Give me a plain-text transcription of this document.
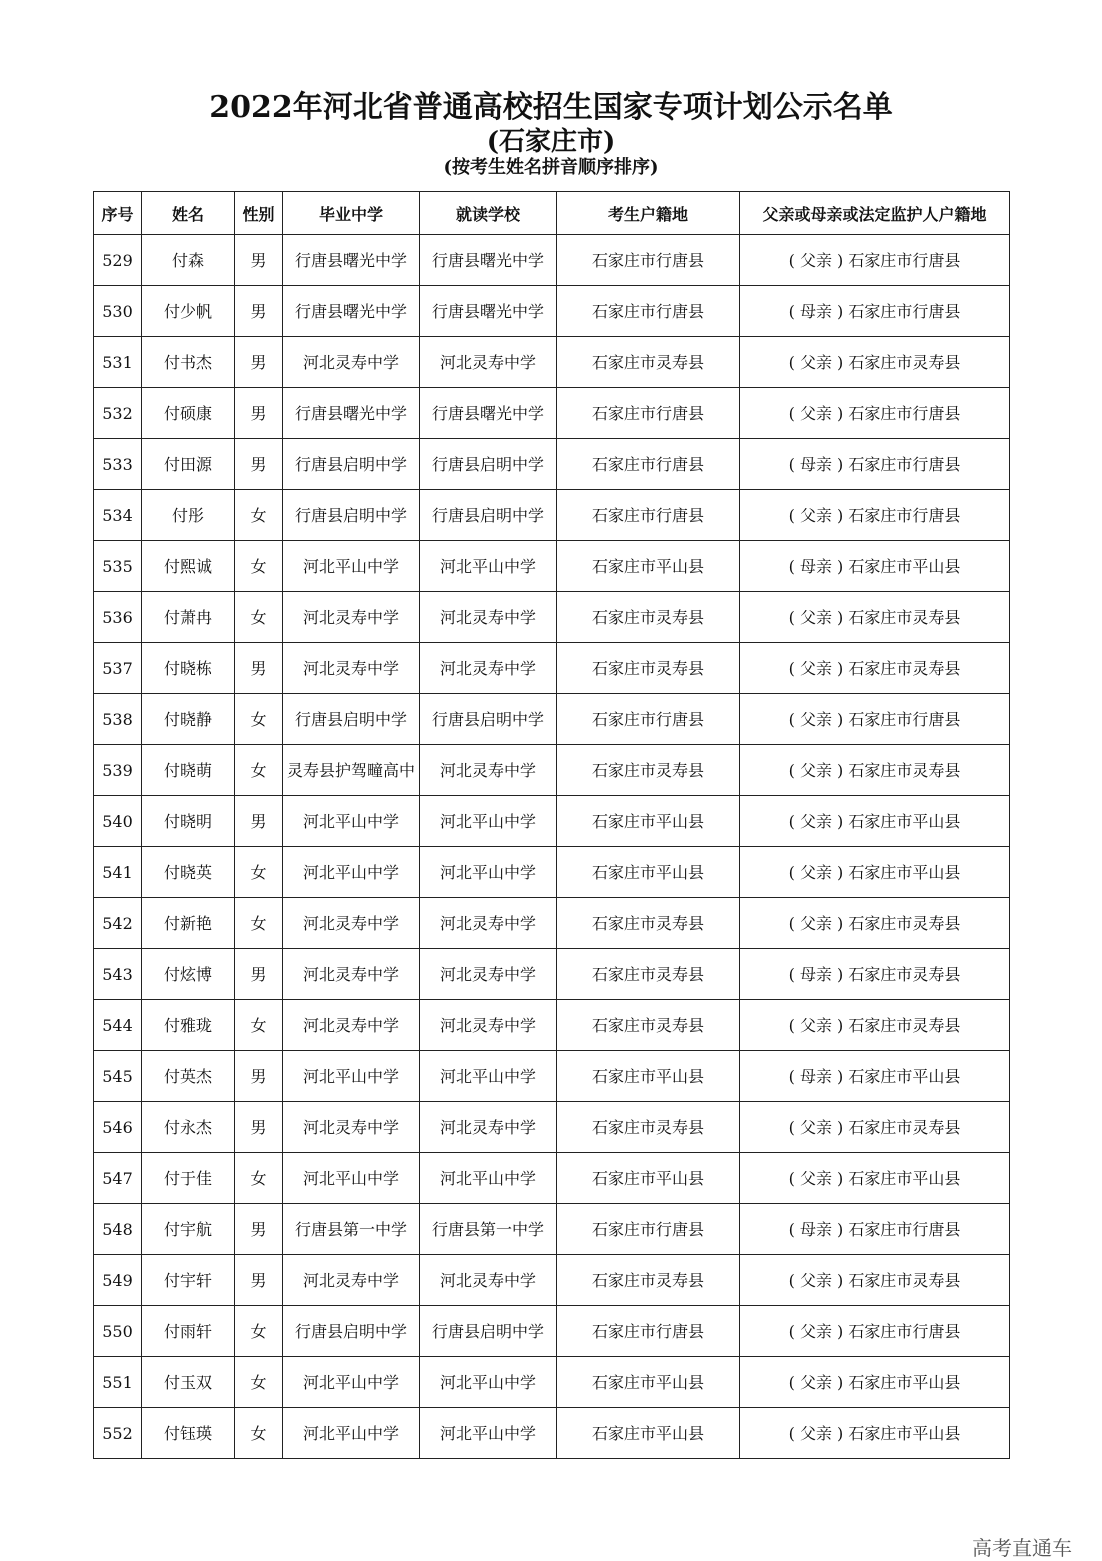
2022年河北省普通高校招生国家专项计划公示名单
(石家庄市)
(按考生姓名拼音顺序排序)
序号	姓名	性别	毕业中学	就读学校	考生户籍地	父亲或母亲或法定监护人户籍地
529	付森	男	行唐县曙光中学	行唐县曙光中学	石家庄市行唐县	( 父亲 ) 石家庄市行唐县
530	付少帆	男	行唐县曙光中学	行唐县曙光中学	石家庄市行唐县	( 母亲 ) 石家庄市行唐县
531	付书杰	男	河北灵寿中学	河北灵寿中学	石家庄市灵寿县	( 父亲 ) 石家庄市灵寿县
532	付硕康	男	行唐县曙光中学	行唐县曙光中学	石家庄市行唐县	( 父亲 ) 石家庄市行唐县
533	付田源	男	行唐县启明中学	行唐县启明中学	石家庄市行唐县	( 母亲 ) 石家庄市行唐县
534	付彤	女	行唐县启明中学	行唐县启明中学	石家庄市行唐县	( 父亲 ) 石家庄市行唐县
535	付熙诚	女	河北平山中学	河北平山中学	石家庄市平山县	( 母亲 ) 石家庄市平山县
536	付萧冉	女	河北灵寿中学	河北灵寿中学	石家庄市灵寿县	( 父亲 ) 石家庄市灵寿县
537	付晓栋	男	河北灵寿中学	河北灵寿中学	石家庄市灵寿县	( 父亲 ) 石家庄市灵寿县
538	付晓静	女	行唐县启明中学	行唐县启明中学	石家庄市行唐县	( 父亲 ) 石家庄市行唐县
539	付晓萌	女	灵寿县护驾疃高中	河北灵寿中学	石家庄市灵寿县	( 父亲 ) 石家庄市灵寿县
540	付晓明	男	河北平山中学	河北平山中学	石家庄市平山县	( 父亲 ) 石家庄市平山县
541	付晓英	女	河北平山中学	河北平山中学	石家庄市平山县	( 父亲 ) 石家庄市平山县
542	付新艳	女	河北灵寿中学	河北灵寿中学	石家庄市灵寿县	( 父亲 ) 石家庄市灵寿县
543	付炫博	男	河北灵寿中学	河北灵寿中学	石家庄市灵寿县	( 母亲 ) 石家庄市灵寿县
544	付雅珑	女	河北灵寿中学	河北灵寿中学	石家庄市灵寿县	( 父亲 ) 石家庄市灵寿县
545	付英杰	男	河北平山中学	河北平山中学	石家庄市平山县	( 母亲 ) 石家庄市平山县
546	付永杰	男	河北灵寿中学	河北灵寿中学	石家庄市灵寿县	( 父亲 ) 石家庄市灵寿县
547	付于佳	女	河北平山中学	河北平山中学	石家庄市平山县	( 父亲 ) 石家庄市平山县
548	付宇航	男	行唐县第一中学	行唐县第一中学	石家庄市行唐县	( 母亲 ) 石家庄市行唐县
549	付宇轩	男	河北灵寿中学	河北灵寿中学	石家庄市灵寿县	( 父亲 ) 石家庄市灵寿县
550	付雨轩	女	行唐县启明中学	行唐县启明中学	石家庄市行唐县	( 父亲 ) 石家庄市行唐县
551	付玉双	女	河北平山中学	河北平山中学	石家庄市平山县	( 父亲 ) 石家庄市平山县
552	付钰瑛	女	河北平山中学	河北平山中学	石家庄市平山县	( 父亲 ) 石家庄市平山县
高考直通车
